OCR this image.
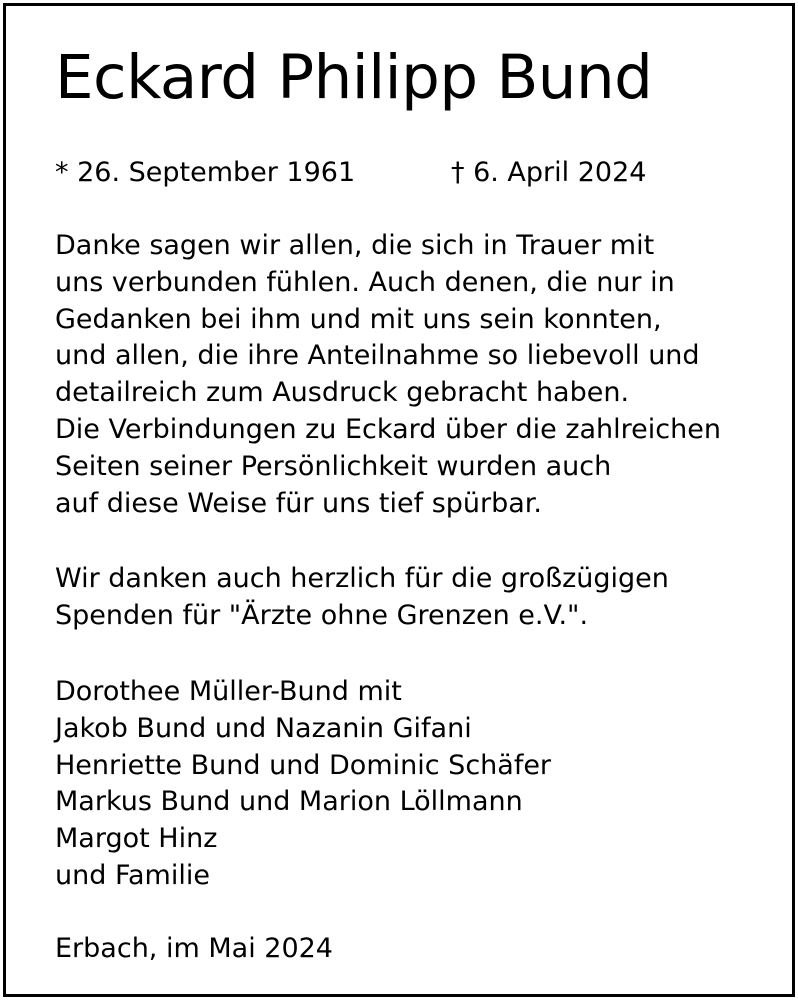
Eckard Philipp Bund
* 26. September 1961	† 6. April 2024
Danke sagen wir allen, die sich in Trauer mit
uns verbunden fühlen. Auch denen, die nur in
Gedanken bei ihm und mit uns sein konnten,
und allen, die ihre Anteilnahme so liebevoll und
detailreich zum Ausdruck gebracht haben.
Die Verbindungen zu Eckard über die zahlreichen
Seiten seiner Persönlichkeit wurden auch
auf diese Weise für uns tief spürbar.
Wir danken auch herzlich für die großzügigen
Spenden für "Ärzte ohne Grenzen e.V.".
Dorothee Müller-Bund mit
Jakob Bund und Nazanin Gifani
Henriette Bund und Dominic Schäfer
Markus Bund und Marion Löllmann
Margot Hinz
und Familie
Erbach, im Mai 2024
